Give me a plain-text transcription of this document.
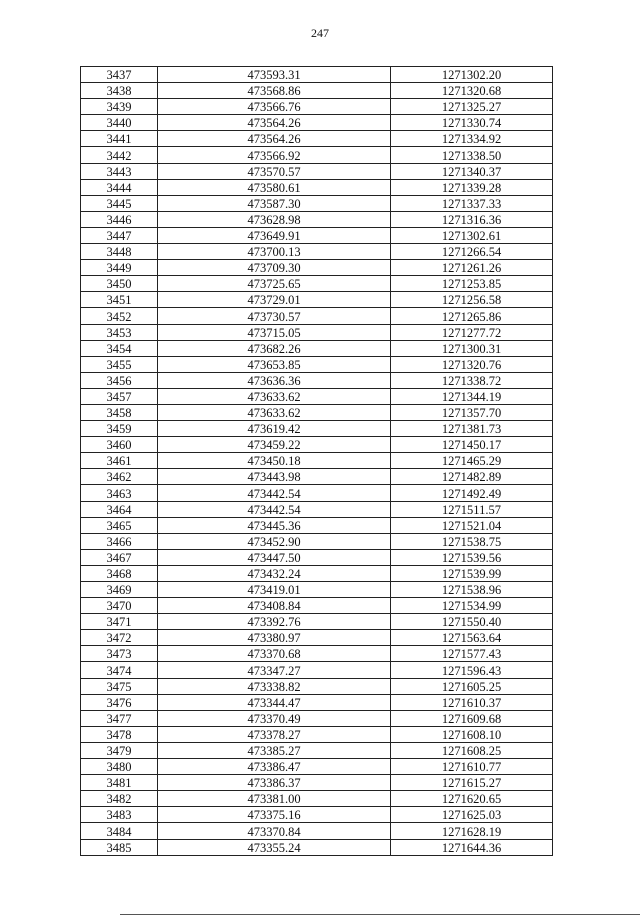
247
3437	473593.31	1271302.20
3438	473568.86	1271320.68
3439	473566.76	1271325.27
3440	473564.26	1271330.74
3441	473564.26	1271334.92
3442	473566.92	1271338.50
3443	473570.57	1271340.37
3444	473580.61	1271339.28
3445	473587.30	1271337.33
3446	473628.98	1271316.36
3447	473649.91	1271302.61
3448	473700.13	1271266.54
3449	473709.30	1271261.26
3450	473725.65	1271253.85
3451	473729.01	1271256.58
3452	473730.57	1271265.86
3453	473715.05	1271277.72
3454	473682.26	1271300.31
3455	473653.85	1271320.76
3456	473636.36	1271338.72
3457	473633.62	1271344.19
3458	473633.62	1271357.70
3459	473619.42	1271381.73
3460	473459.22	1271450.17
3461	473450.18	1271465.29
3462	473443.98	1271482.89
3463	473442.54	1271492.49
3464	473442.54	1271511.57
3465	473445.36	1271521.04
3466	473452.90	1271538.75
3467	473447.50	1271539.56
3468	473432.24	1271539.99
3469	473419.01	1271538.96
3470	473408.84	1271534.99
3471	473392.76	1271550.40
3472	473380.97	1271563.64
3473	473370.68	1271577.43
3474	473347.27	1271596.43
3475	473338.82	1271605.25
3476	473344.47	1271610.37
3477	473370.49	1271609.68
3478	473378.27	1271608.10
3479	473385.27	1271608.25
3480	473386.47	1271610.77
3481	473386.37	1271615.27
3482	473381.00	1271620.65
3483	473375.16	1271625.03
3484	473370.84	1271628.19
3485	473355.24	1271644.36
